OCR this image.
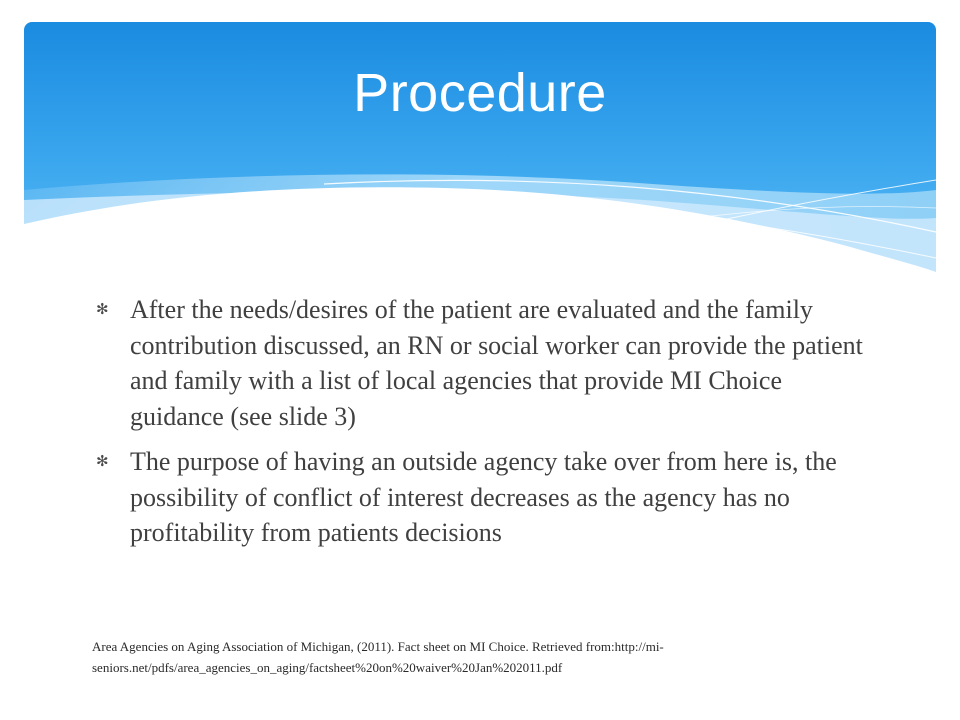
Procedure
✻ After the needs/desires of the patient are evaluated and the family contribution discussed, an RN or social worker can provide the patient and family with a list of local agencies that provide MI Choice guidance (see slide 3)
✻ The purpose of having an outside agency take over from here is, the possibility of conflict of interest decreases as the agency has no profitability from patients decisions
Area Agencies on Aging Association of Michigan, (2011). Fact sheet on MI Choice. Retrieved from:http://mi-seniors.net/pdfs/area_agencies_on_aging/factsheet%20on%20waiver%20Jan%202011.pdf
